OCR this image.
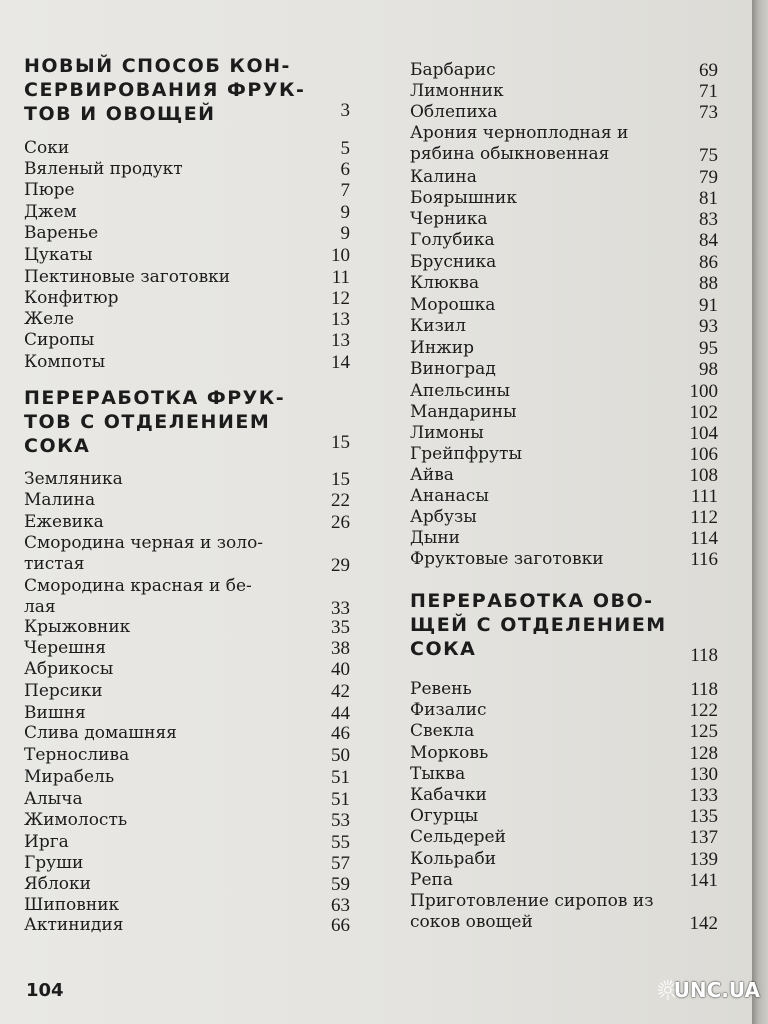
НОВЫЙ СПОСОБ КОН-
СЕРВИРОВАНИЯ ФРУК-
ТОВ И ОВОЩЕЙ	3
Соки	5
Вяленый продукт	6
Пюре	7
Джем	9
Варенье	9
Цукаты	10
Пектиновые заготовки	11
Конфитюр	12
Желе	13
Сиропы	13
Компоты	14
ПЕРЕРАБОТКА ФРУК-
ТОВ С ОТДЕЛЕНИЕМ
СОКА	15
Земляника	15
Малина	22
Ежевика	26
Смородина черная и золо-
тистая	29
Смородина красная и бе-
лая	33
Крыжовник	35
Черешня	38
Абрикосы	40
Персики	42
Вишня	44
Слива домашняя	46
Тернослива	50
Мирабель	51
Алыча	51
Жимолость	53
Ирга	55
Груши	57
Яблоки	59
Шиповник	63
Актинидия	66
Барбарис	69
Лимонник	71
Облепиха	73
Арония черноплодная и
рябина обыкновенная	75
Калина	79
Боярышник	81
Черника	83
Голубика	84
Брусника	86
Клюква	88
Морошка	91
Кизил	93
Инжир	95
Виноград	98
Апельсины	100
Мандарины	102
Лимоны	104
Грейпфруты	106
Айва	108
Ананасы	111
Арбузы	112
Дыни	114
Фруктовые заготовки	116
ПЕРЕРАБОТКА ОВО-
ЩЕЙ С ОТДЕЛЕНИЕМ
СОКА	118
Ревень	118
Физалис	122
Свекла	125
Морковь	128
Тыква	130
Кабачки	133
Огурцы	135
Сельдерей	137
Кольраби	139
Репа	141
Приготовление сиропов из
соков овощей	142
104	UNC.UA
